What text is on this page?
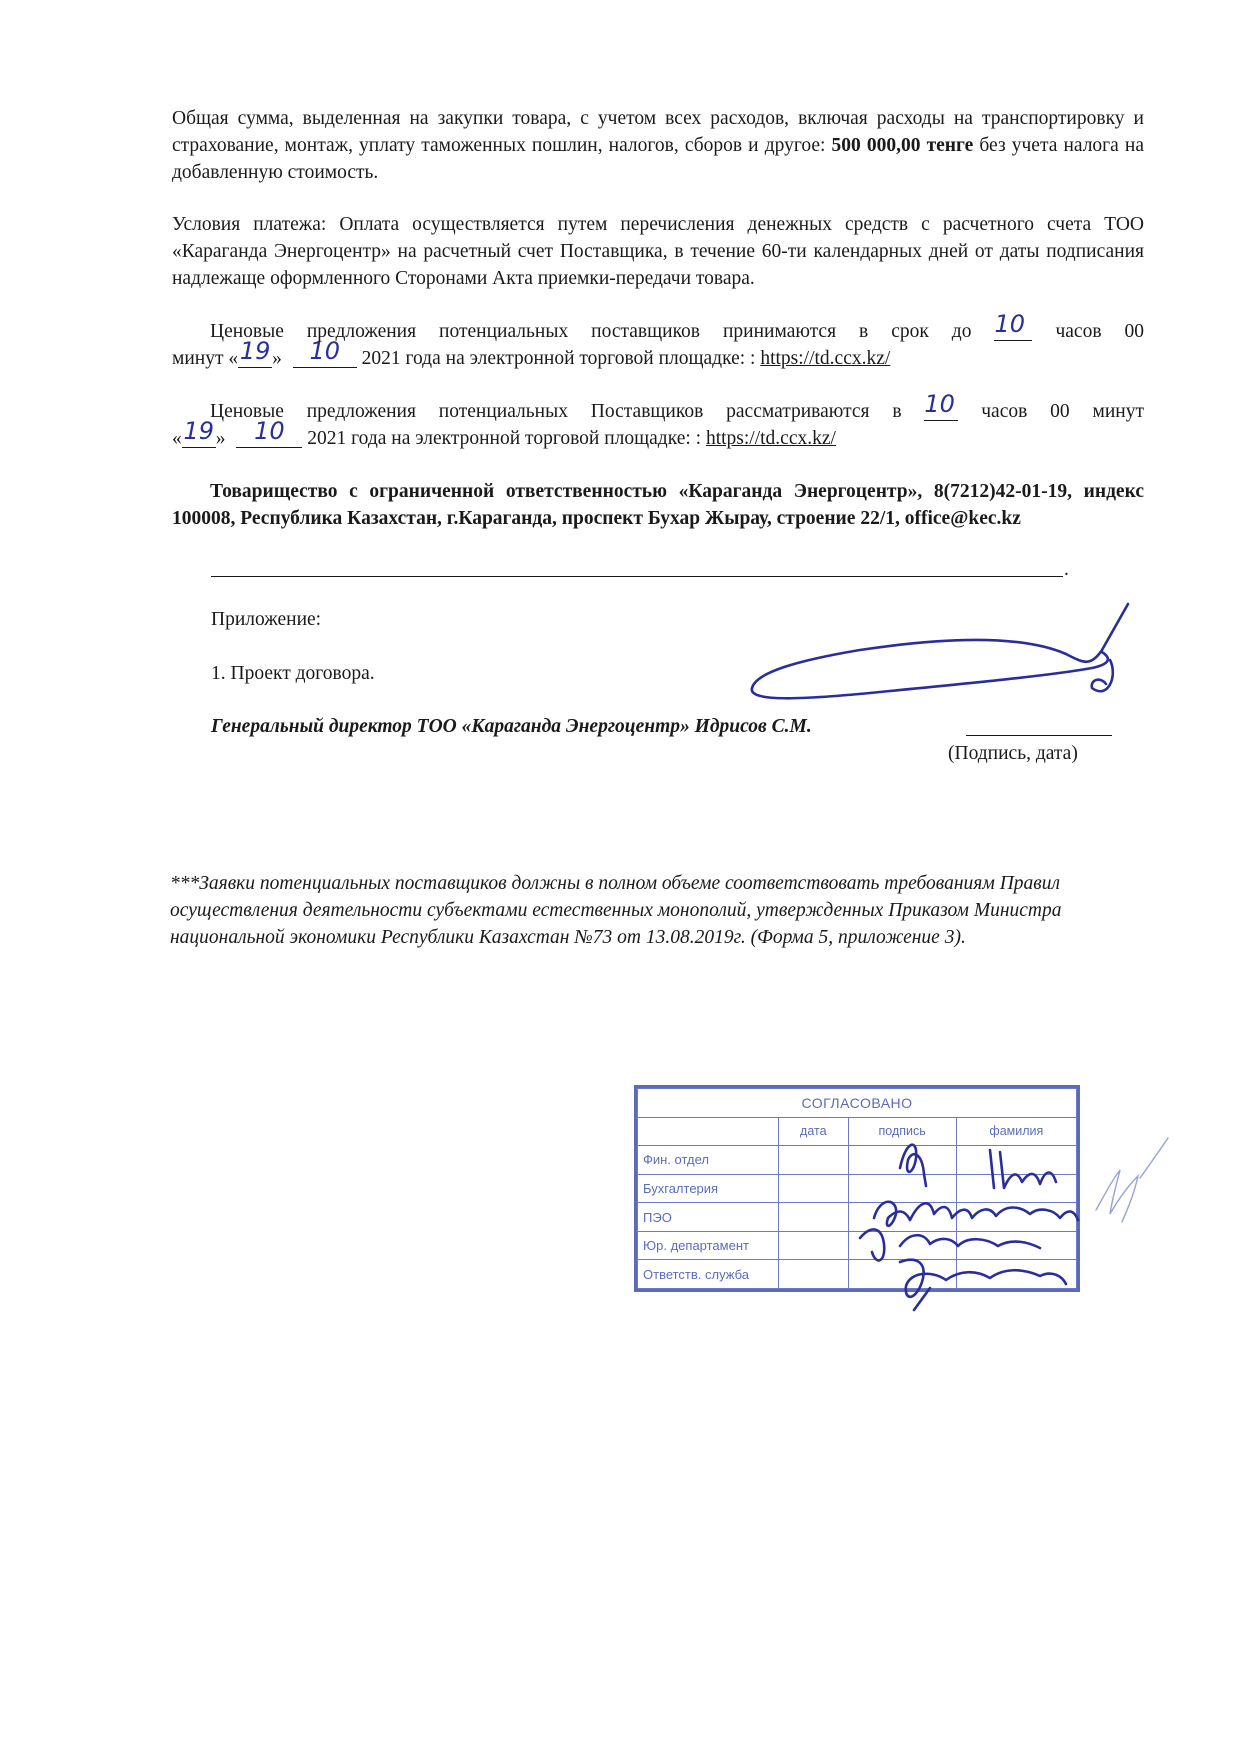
Общая сумма, выделенная на закупки товара, с учетом всех расходов, включая расходы на транспортировку и страхование, монтаж, уплату таможенных пошлин, налогов, сборов и другое: 500 000,00 тенге без учета налога на добавленную стоимость.

Условия платежа: Оплата осуществляется путем перечисления денежных средств с расчетного счета ТОО «Караганда Энергоцентр» на расчетный счет Поставщика, в течение 60-ти календарных дней от даты подписания надлежаще оформленного Сторонами Акта приемки-передачи товара.

Ценовые предложения потенциальных поставщиков принимаются в срок до 10 часов 00
минут «19» 10 2021 года на электронной торговой площадке: : https://td.ccx.kz/
Ценовые предложения потенциальных Поставщиков рассматриваются в 10 часов 00 минут
«19» 10 2021 года на электронной торговой площадке: : https://td.ccx.kz/

Товарищество с ограниченной ответственностью «Караганда Энергоцентр», 8(7212)42-01-19, индекс 100008, Республика Казахстан, г.Караганда, проспект Бухар Жырау, строение 22/1, office@kec.kz

.
Приложение:
1. Проект договора.
Генеральный директор ТОО «Караганда Энергоцентр» Идрисов С.М.
(Подпись, дата)

***Заявки потенциальных поставщиков должны в полном объеме соответствовать требованиям Правил осуществления деятельности субъектами естественных монополий, утвержденных Приказом Министра национальной экономики Республики Казахстан №73 от 13.08.2019г. (Форма 5, приложение 3).

СОГЛАСОВАНО			
	дата	подпись	фамилия
Фин. отдел			
Бухгалтерия			
ПЭО			
Юр. департамент			
Ответств. служба			
